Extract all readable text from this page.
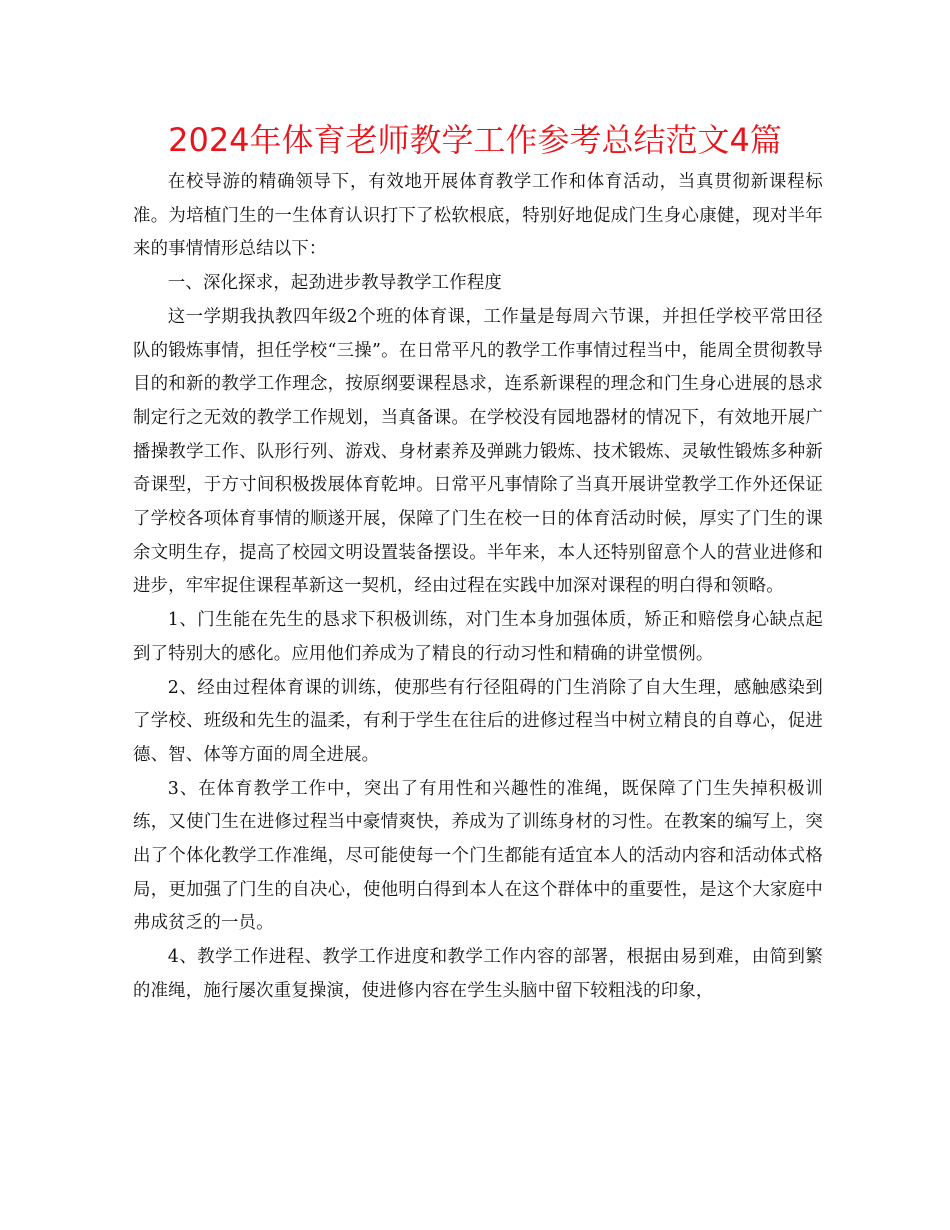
2024年体育老师教学工作参考总结范文4篇

在校导游的精确领导下，有效地开展体育教学工作和体育活动，当真贯彻新课程标准。为培植门生的一生体育认识打下了松软根底，特别好地促成门生身心康健，现对半年来的事情情形总结以下：

一、深化探求，起劲进步教导教学工作程度

这一学期我执教四年级2个班的体育课，工作量是每周六节课，并担任学校平常田径队的锻炼事情，担任学校“三操”。在日常平凡的教学工作事情过程当中，能周全贯彻教导目的和新的教学工作理念，按原纲要课程恳求，连系新课程的理念和门生身心进展的恳求制定行之无效的教学工作规划，当真备课。在学校没有园地器材的情况下，有效地开展广播操教学工作、队形行列、游戏、身材素养及弹跳力锻炼、技术锻炼、灵敏性锻炼多种新奇课型，于方寸间积极拨展体育乾坤。日常平凡事情除了当真开展讲堂教学工作外还保证了学校各项体育事情的顺遂开展，保障了门生在校一日的体育活动时候，厚实了门生的课余文明生存，提高了校园文明设置装备摆设。半年来，本人还特别留意个人的营业进修和进步，牢牢捉住课程革新这一契机，经由过程在实践中加深对课程的明白得和领略。

1、门生能在先生的恳求下积极训练，对门生本身加强体质，矫正和赔偿身心缺点起到了特别大的感化。应用他们养成为了精良的行动习性和精确的讲堂惯例。

2、经由过程体育课的训练，使那些有行径阻碍的门生消除了自大生理，感触感染到了学校、班级和先生的温柔，有利于学生在往后的进修过程当中树立精良的自尊心，促进德、智、体等方面的周全进展。

3、在体育教学工作中，突出了有用性和兴趣性的准绳，既保障了门生失掉积极训练，又使门生在进修过程当中豪情爽快，养成为了训练身材的习性。在教案的编写上，突出了个体化教学工作准绳，尽可能使每一个门生都能有适宜本人的活动内容和活动体式格局，更加强了门生的自决心，使他明白得到本人在这个群体中的重要性，是这个大家庭中弗成贫乏的一员。

4、教学工作进程、教学工作进度和教学工作内容的部署，根据由易到难，由简到繁的准绳，施行屡次重复操演，使进修内容在学生头脑中留下较粗浅的印象，
